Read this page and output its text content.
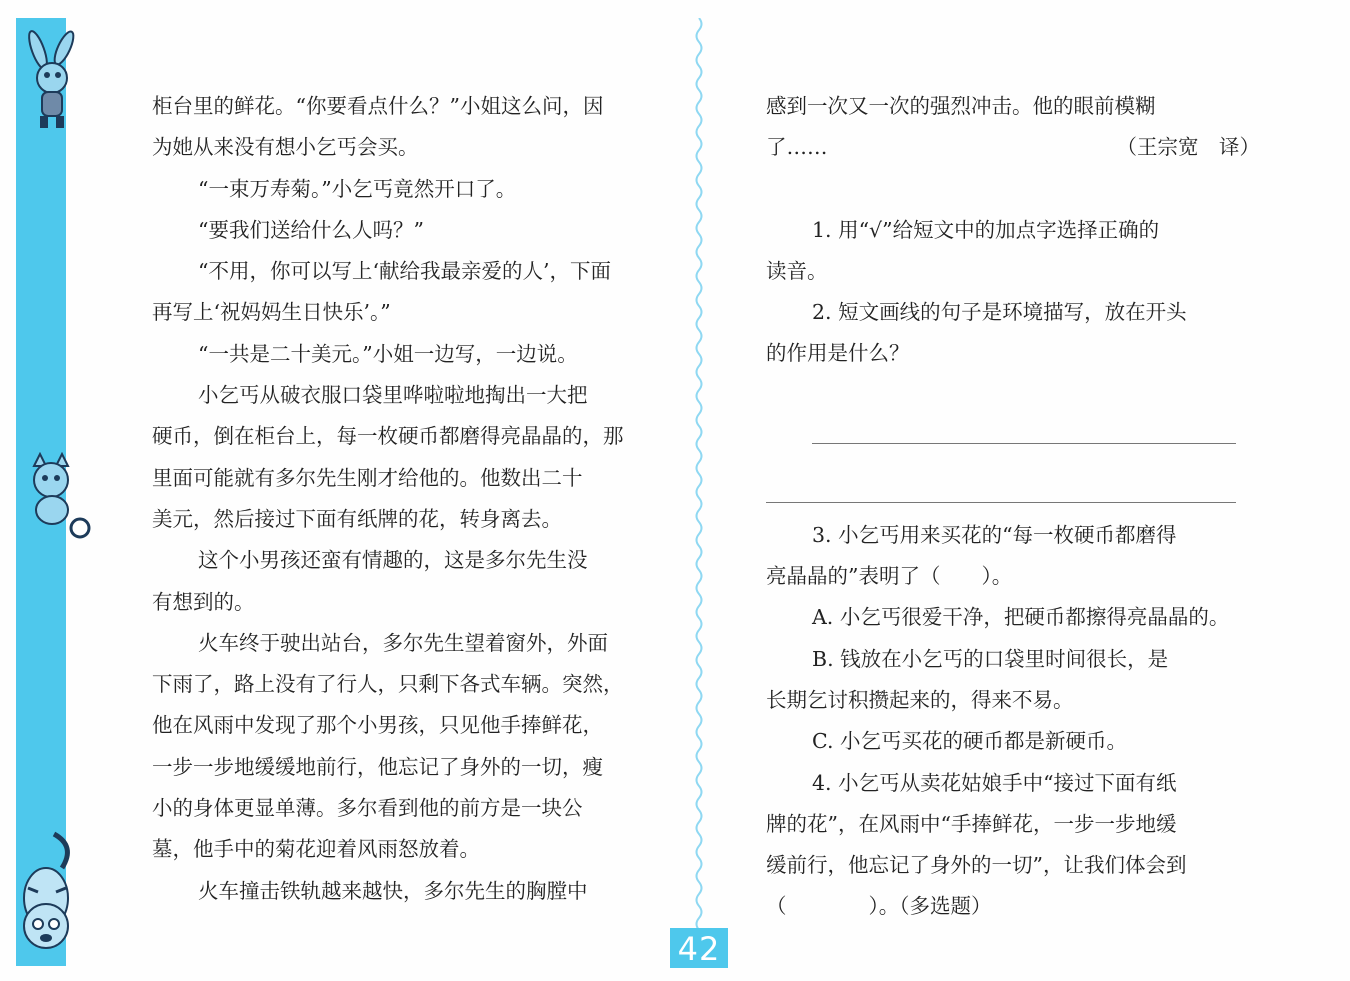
柜台里的鲜花。“你要看点什么？”小姐这么问，因

为她从来没有想小乞丐会买。

“一束万寿菊。”小乞丐竟然开口了。

“要我们送给什么人吗？”

“不用，你可以写上‘献给我最亲爱的人’，下面

再写上‘祝妈妈生日快乐’。”

“一共是二十美元。”小姐一边写，一边说。

小乞丐从破衣服口袋里哗啦啦地掏出一大把

硬币，倒在柜台上，每一枚硬币都磨得亮晶晶的，那

里面可能就有多尔先生刚才给他的。他数出二十

美元，然后接过下面有纸牌的花，转身离去。

这个小男孩还蛮有情趣的，这是多尔先生没

有想到的。

火车终于驶出站台，多尔先生望着窗外，外面

下雨了，路上没有了行人，只剩下各式车辆。突然，

他在风雨中发现了那个小男孩，只见他手捧鲜花，

一步一步地缓缓地前行，他忘记了身外的一切，瘦

小的身体更显单薄。多尔看到他的前方是一块公

墓，他手中的菊花迎着风雨怒放着。

火车撞击铁轨越来越快，多尔先生的胸膛中

感到一次又一次的强烈冲击。他的眼前模糊

了……	（王宗宽　译）

1. 用“√”给短文中的加点字选择正确的

读音。

2. 短文画线的句子是环境描写，放在开头

的作用是什么？

3. 小乞丐用来买花的“每一枚硬币都磨得

亮晶晶的”表明了（　　）。

A. 小乞丐很爱干净，把硬币都擦得亮晶晶的。

B. 钱放在小乞丐的口袋里时间很长，是

长期乞讨积攒起来的，得来不易。

C. 小乞丐买花的硬币都是新硬币。

4. 小乞丐从卖花姑娘手中“接过下面有纸

牌的花”，在风雨中“手捧鲜花，一步一步地缓

缓前行，他忘记了身外的一切”，让我们体会到

（　　　　）。（多选题）

42
